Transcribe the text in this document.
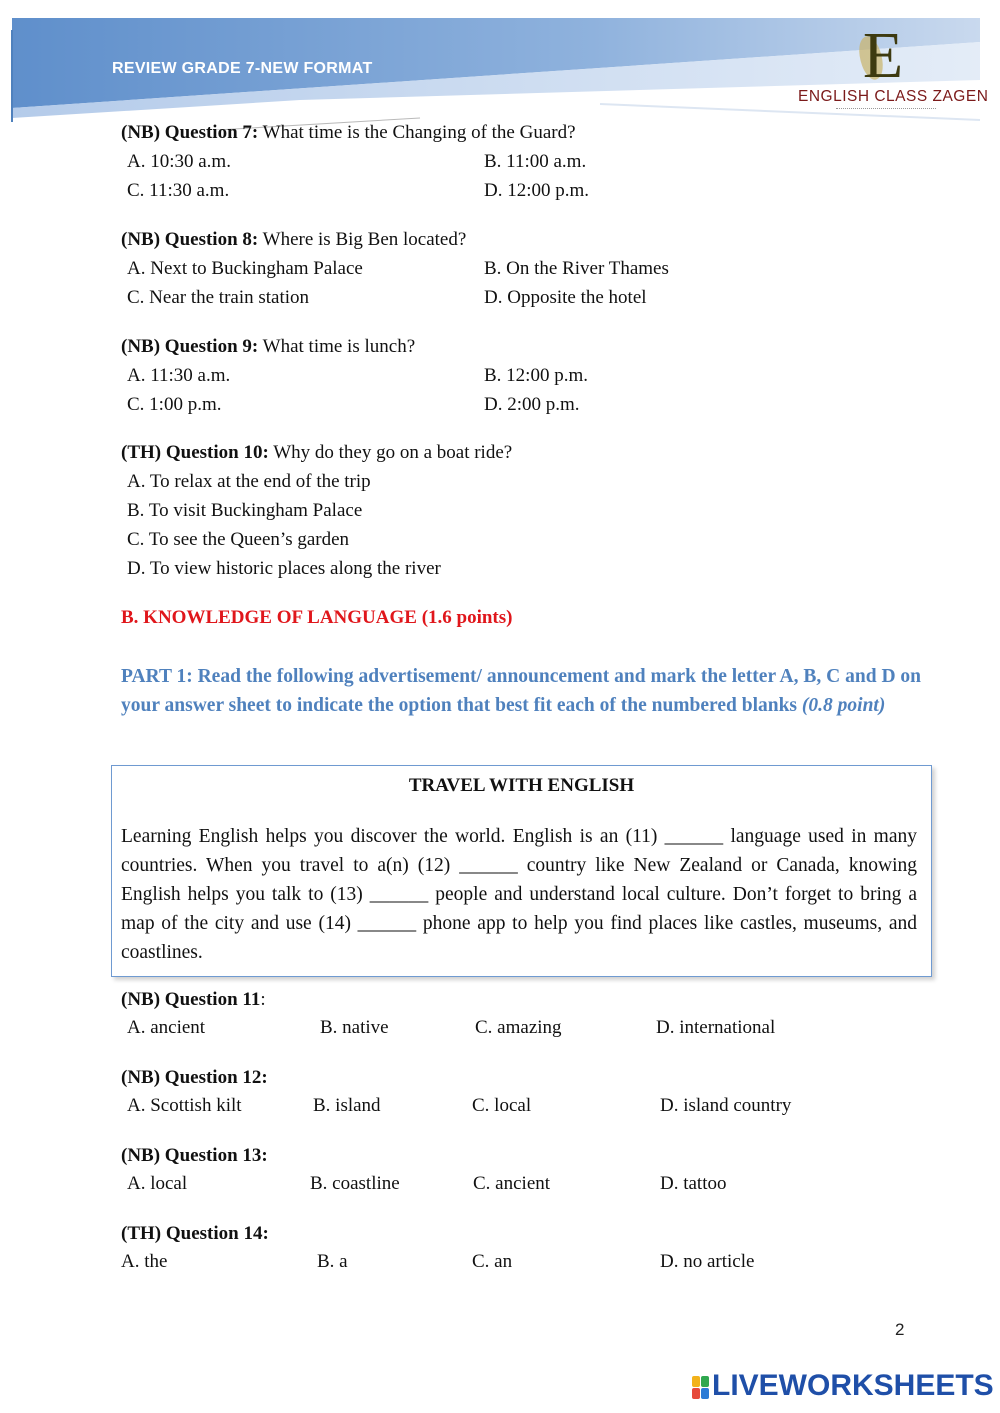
REVIEW GRADE 7-NEW FORMAT	E
ENGLISH CLASS ZAGEN
(NB) Question 7: What time is the Changing of the Guard?
A. 10:30 a.m.	B. 11:00 a.m.
C. 11:30 a.m.	D. 12:00 p.m.
(NB) Question 8: Where is Big Ben located?
A. Next to Buckingham Palace	B. On the River Thames
C. Near the train station	D. Opposite the hotel
(NB) Question 9: What time is lunch?
A. 11:30 a.m.	B. 12:00 p.m.
C. 1:00 p.m.	D. 2:00 p.m.
(TH) Question 10: Why do they go on a boat ride?
A. To relax at the end of the trip
B. To visit Buckingham Palace
C. To see the Queen’s garden
D. To view historic places along the river
B. KNOWLEDGE OF LANGUAGE (1.6 points)
PART 1: Read the following advertisement/ announcement and mark the letter A, B, C and D on your answer sheet to indicate the option that best fit each of the numbered blanks (0.8 point)
TRAVEL WITH ENGLISH
Learning English helps you discover the world. English is an (11) ______ language used in many countries. When you travel to a(n) (12) ______ country like New Zealand or Canada, knowing English helps you talk to (13) ______ people and understand local culture. Don’t forget to bring a map of the city and use (14) ______ phone app to help you find places like castles, museums, and coastlines.
(NB) Question 11:
A. ancient	B. native	C. amazing	D. international
(NB) Question 12:
A. Scottish kilt	B. island	C. local	D. island country
(NB) Question 13:
A. local	B. coastline	C. ancient	D. tattoo
(TH) Question 14:
A. the	B. a	C. an	D. no article
2
LIVEWORKSHEETS
